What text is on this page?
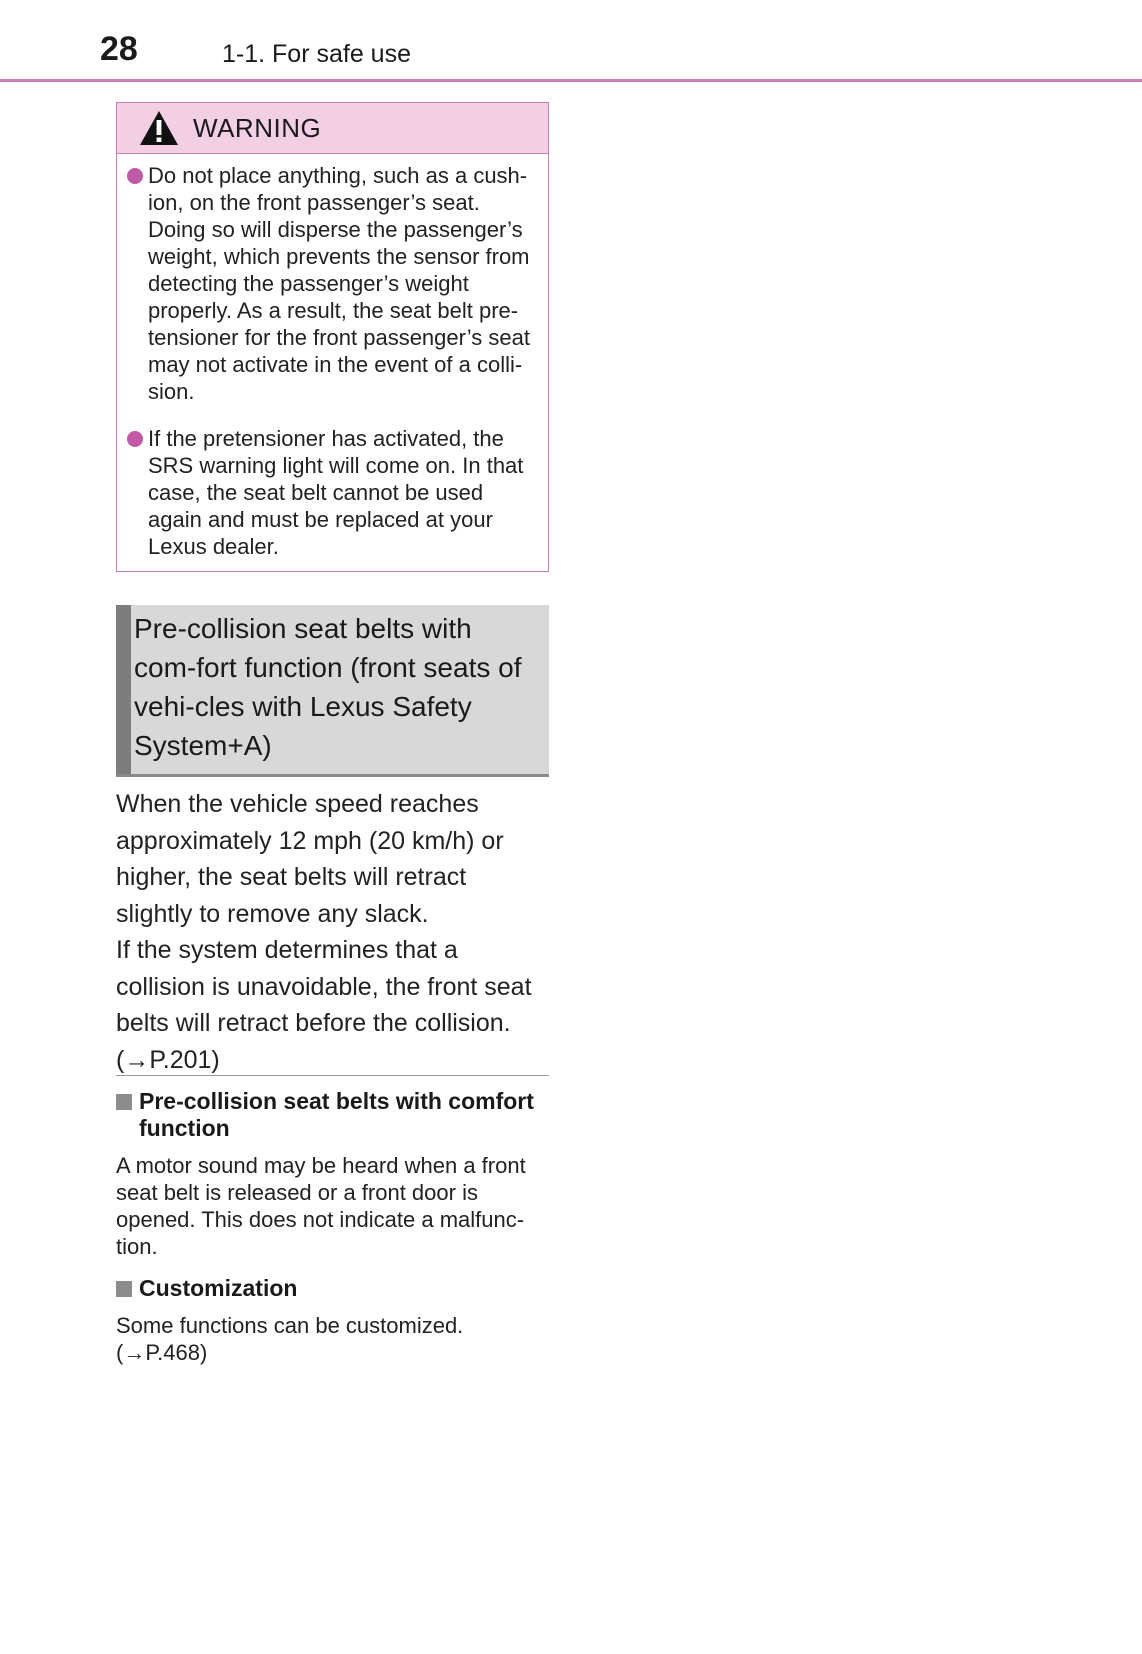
28	1-1. For safe use
WARNING
Do not place anything, such as a cush-ion, on the front passenger’s seat. Doing so will disperse the passenger’s weight, which prevents the sensor from detecting the passenger’s weight properly. As a result, the seat belt pre-tensioner for the front passenger’s seat may not activate in the event of a colli-sion.
If the pretensioner has activated, the SRS warning light will come on. In that case, the seat belt cannot be used again and must be replaced at your Lexus dealer.
Pre-collision seat belts with com-fort function (front seats of vehi-cles with Lexus Safety System+A)
When the vehicle speed reaches approximately 12 mph (20 km/h) or higher, the seat belts will retract slightly to remove any slack.
If the system determines that a collision is unavoidable, the front seat belts will retract before the collision. (→P.201)
Pre-collision seat belts with comfort function
A motor sound may be heard when a front seat belt is released or a front door is opened. This does not indicate a malfunc-tion.
Customization
Some functions can be customized. (→P.468)
